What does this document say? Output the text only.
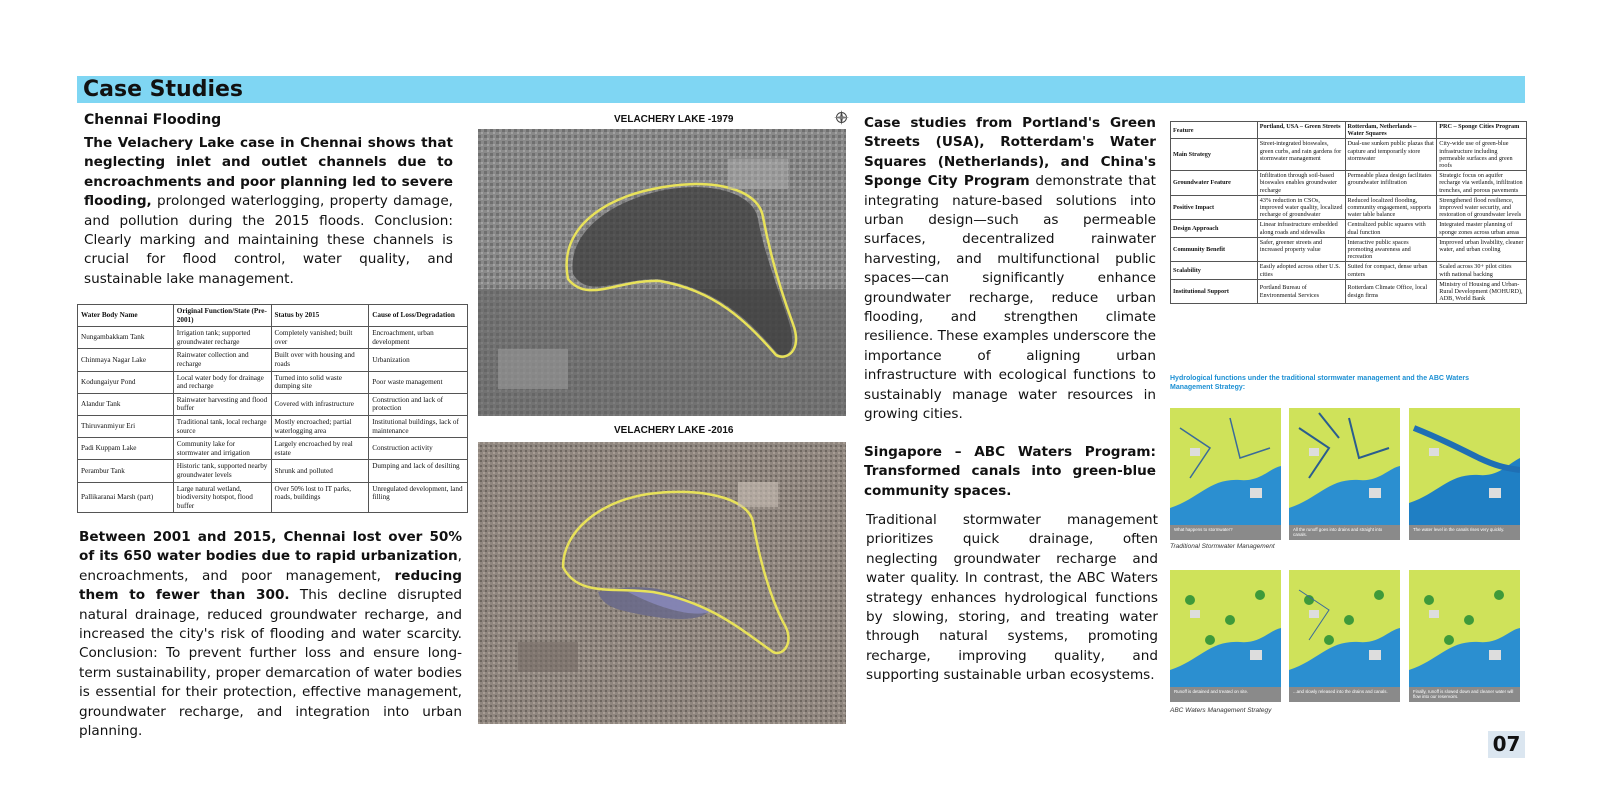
Case Studies
Chennai Flooding
The Velachery Lake case in Chennai shows that neglecting inlet and outlet channels due to encroachments and poor planning led to severe flooding, prolonged waterlogging, property damage, and pollution during the 2015 floods. Conclusion: Clearly marking and maintaining these channels is crucial for flood control, water quality, and sustainable lake management.
Water Body Name	Original Function/State (Pre-2001)	Status by 2015	Cause of Loss/Degradation
Nungambakkam Tank	Irrigation tank; supported groundwater recharge	Completely vanished; built over	Encroachment, urban development
Chinmaya Nagar Lake	Rainwater collection and recharge	Built over with housing and roads	Urbanization
Kodungaiyur Pond	Local water body for drainage and recharge	Turned into solid waste dumping site	Poor waste management
Alandur Tank	Rainwater harvesting and flood buffer	Covered with infrastructure	Construction and lack of protection
Thiruvanmiyur Eri	Traditional tank, local recharge source	Mostly encroached; partial waterlogging area	Institutional buildings, lack of maintenance
Padi Kuppam Lake	Community lake for stormwater and irrigation	Largely encroached by real estate	Construction activity
Perambur Tank	Historic tank, supported nearby groundwater levels	Shrunk and polluted	Dumping and lack of desilting
Pallikaranai Marsh (part)	Large natural wetland, biodiversity hotspot, flood buffer	Over 50% lost to IT parks, roads, buildings	Unregulated development, land filling
Between 2001 and 2015, Chennai lost over 50% of its 650 water bodies due to rapid urbanization, encroachments, and poor management, reducing them to fewer than 300. This decline disrupted natural drainage, reduced groundwater recharge, and increased the city's risk of flooding and water scarcity. Conclusion: To prevent further loss and ensure long-term sustainability, proper demarcation of water bodies is essential for their protection, effective management, groundwater recharge, and integration into urban planning.
VELACHERY LAKE -1979
VELACHERY LAKE -2016
Case studies from Portland's Green Streets (USA), Rotterdam's Water Squares (Netherlands), and China's Sponge City Program demonstrate that integrating nature-based solutions into urban design—such as permeable surfaces, decentralized rainwater harvesting, and multifunctional public spaces—can significantly enhance groundwater recharge, reduce urban flooding, and strengthen climate resilience. These examples underscore the importance of aligning urban infrastructure with ecological functions to sustainably manage water resources in growing cities.
Singapore – ABC Waters Program: Transformed canals into green-blue community spaces.
Traditional stormwater management prioritizes quick drainage, often neglecting groundwater recharge and water quality. In contrast, the ABC Waters strategy enhances hydrological functions by slowing, storing, and treating water through natural systems, promoting recharge, improving quality, and supporting sustainable urban ecosystems.
Feature	Portland, USA – Green Streets	Rotterdam, Netherlands – Water Squares	PRC – Sponge Cities Program
Main Strategy	Street-integrated bioswales, green curbs, and rain gardens for stormwater management	Dual-use sunken public plazas that capture and temporarily store stormwater	City-wide use of green-blue infrastructure including permeable surfaces and green roofs
Groundwater Feature	Infiltration through soil-based bioswales enables groundwater recharge	Permeable plaza design facilitates groundwater infiltration	Strategic focus on aquifer recharge via wetlands, infiltration trenches, and porous pavements
Positive Impact	43% reduction in CSOs, improved water quality, localized recharge of groundwater	Reduced localized flooding, community engagement, supports water table balance	Strengthened flood resilience, improved water security, and restoration of groundwater levels
Design Approach	Linear infrastructure embedded along roads and sidewalks	Centralized public squares with dual function	Integrated master planning of sponge zones across urban areas
Community Benefit	Safer, greener streets and increased property value	Interactive public spaces promoting awareness and recreation	Improved urban livability, cleaner water, and urban cooling
Scalability	Easily adopted across other U.S. cities	Suited for compact, dense urban centers	Scaled across 30+ pilot cities with national backing
Institutional Support	Portland Bureau of Environmental Services	Rotterdam Climate Office, local design firms	Ministry of Housing and Urban-Rural Development (MOHURD), ADB, World Bank
Hydrological functions under the traditional stormwater management and the ABC Waters Management Strategy:
What happens to stormwater?	All the runoff goes into drains and straight into canals.
The water level in the canals rises very quickly.
Traditional Stormwater Management
Runoff is detained and treated on site.	...and slowly released into the drains and canals.	Finally, runoff is slowed down and cleaner water will flow into our reservoirs.
ABC Waters Management Strategy
07
